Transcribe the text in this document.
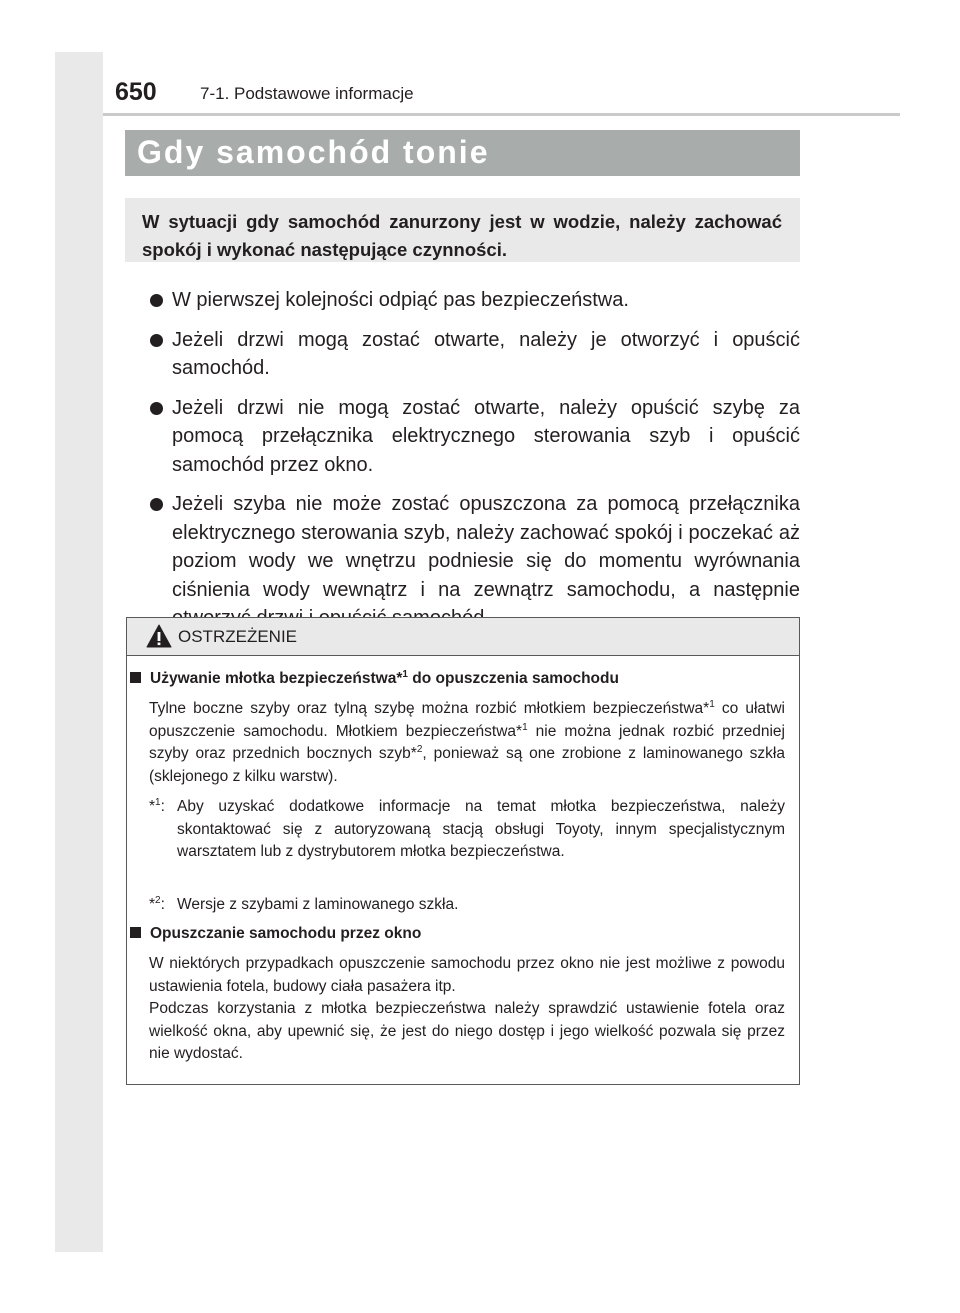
650	7-1. Podstawowe informacje
Gdy samochód tonie
W sytuacji gdy samochód zanurzony jest w wodzie, należy zachować spokój i wykonać następujące czynności.
W pierwszej kolejności odpiąć pas bezpieczeństwa.
Jeżeli drzwi mogą zostać otwarte, należy je otworzyć i opuścić samochód.
Jeżeli drzwi nie mogą zostać otwarte, należy opuścić szybę za pomocą przełącznika elektrycznego sterowania szyb i opuścić samochód przez okno.
Jeżeli szyba nie może zostać opuszczona za pomocą przełącznika elektrycznego sterowania szyb, należy zachować spokój i poczekać aż poziom wody we wnętrzu podniesie się do momentu wyrównania ciśnienia wody wewnątrz i na zewnątrz samochodu, a następnie
OSTRZEŻENIE
Używanie młotka bezpieczeństwa*$^1$ do opuszczenia samochodu
Tylne boczne szyby oraz tylną szybę można rozbić młotkiem bezpieczeństwa*$^1$ co ułatwi opuszczenie samochodu. Młotkiem bezpieczeństwa*$^1$ nie można jednak rozbić przedniej szyby oraz przednich bocznych szyb*$^2$, ponieważ są one zrobione z laminowanego szkła (sklejonego z kilku warstw).
*$^1$: Aby uzyskać dodatkowe informacje na temat młotka bezpieczeństwa, należy skontaktować się z autoryzowaną stacją obsługi Toyoty, innym specjalistycznym warsztatem lub z dystrybutorem młotka bezpieczeństwa.
*$^2$: Wersje z szybami z laminowanego szkła.
Opuszczanie samochodu przez okno
W niektórych przypadkach opuszczenie samochodu przez okno nie jest możliwe z powodu ustawienia fotela, budowy ciała pasażera itp.
Podczas korzystania z młotka bezpieczeństwa należy sprawdzić ustawienie fotela oraz wielkość okna, aby upewnić się, że jest do niego dostęp i jego wielkość pozwala się przez nie wydostać.
